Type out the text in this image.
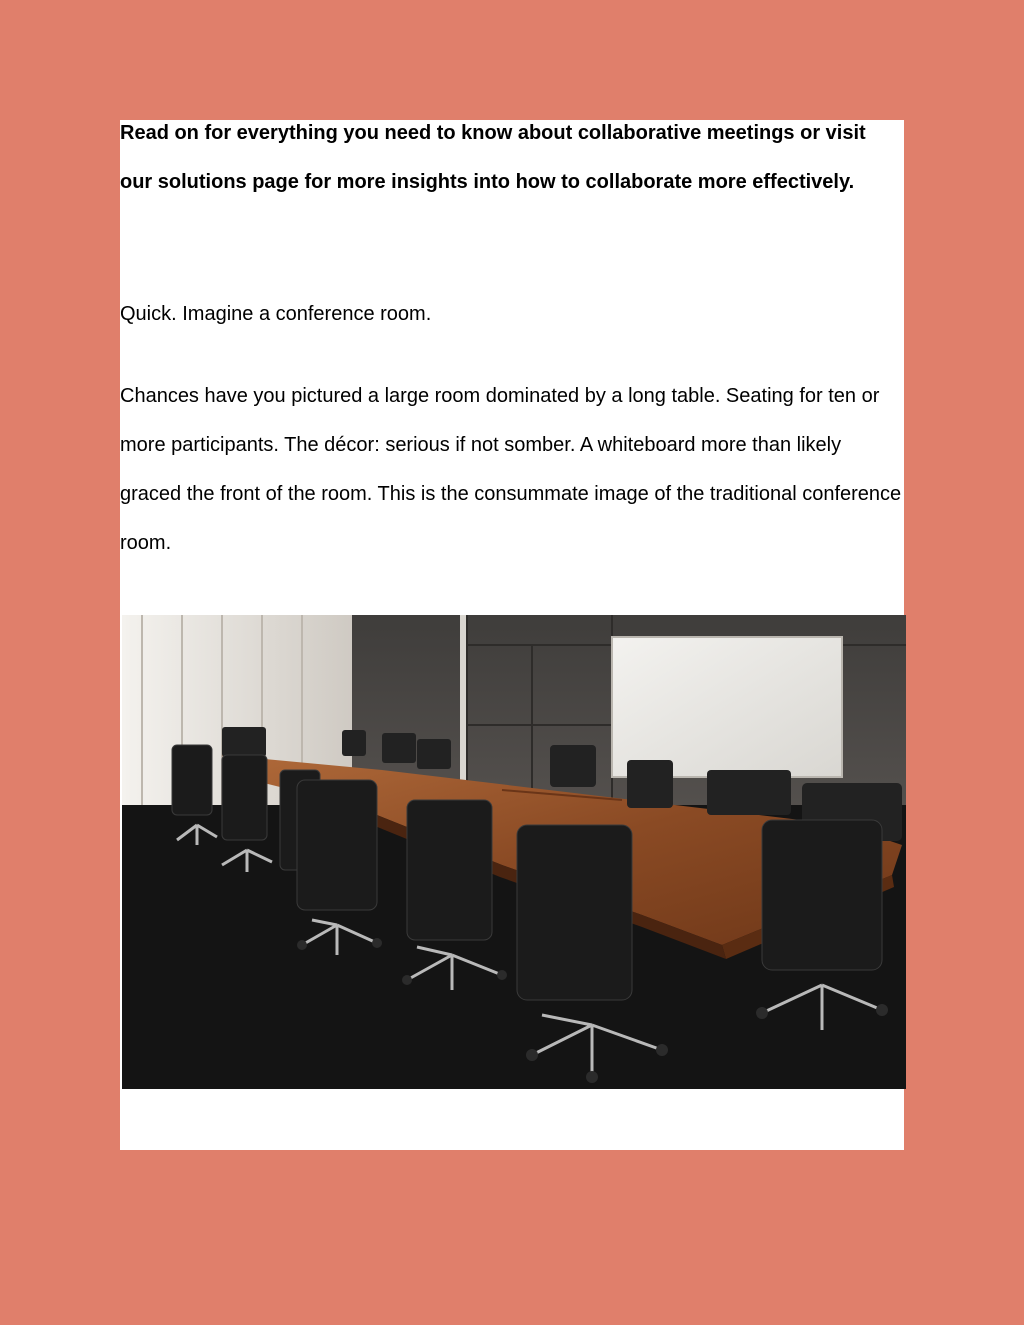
Read on for everything you need to know about collaborative meetings or visit our solutions page for more insights into how to collaborate more effectively.

Quick. Imagine a conference room.

Chances have you pictured a large room dominated by a long table. Seating for ten or more participants. The décor: serious if not somber. A whiteboard more than likely graced the front of the room. This is the consummate image of the traditional conference room.
